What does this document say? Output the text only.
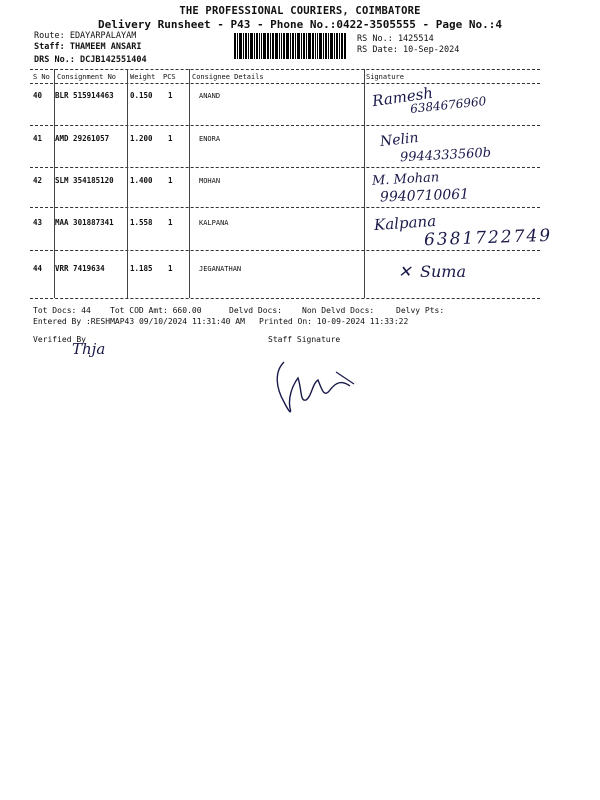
THE PROFESSIONAL COURIERS, COIMBATORE
Delivery Runsheet - P43 - Phone No.:0422-3505555 - Page No.:4
Route: EDAYARPALAYAM
Staff: THAMEEM ANSARI
DRS No.: DCJB142551404
RS No.: 1425514
RS Date: 10-Sep-2024
S No Consignment No Weight PCS Consignee Details	Signature
40 BLR 515914463 0.150 1	ANAND	Ramesh
6384676960
41 AMD 29261057	1.200 1	ENORA	Nelin
9944333560b
42 SLM 354185120 1.400 1	MOHAN	M. Mohan
9940710061
43 MAA 301887341 1.558 1	KALPANA	Kalpana
6381722749
44 VRR 7419634	1.185 1	JEGANATHAN	✕ Suma
Tot Docs: 44 Tot COD Amt: 660.00	Delvd Docs:	Non Delvd Docs:	Delvy Pts:
Entered By :RESHMAP43 09/10/2024 11:31:40 AM Printed On: 10-09-2024 11:33:22
Verified By
Thja
Staff Signature
